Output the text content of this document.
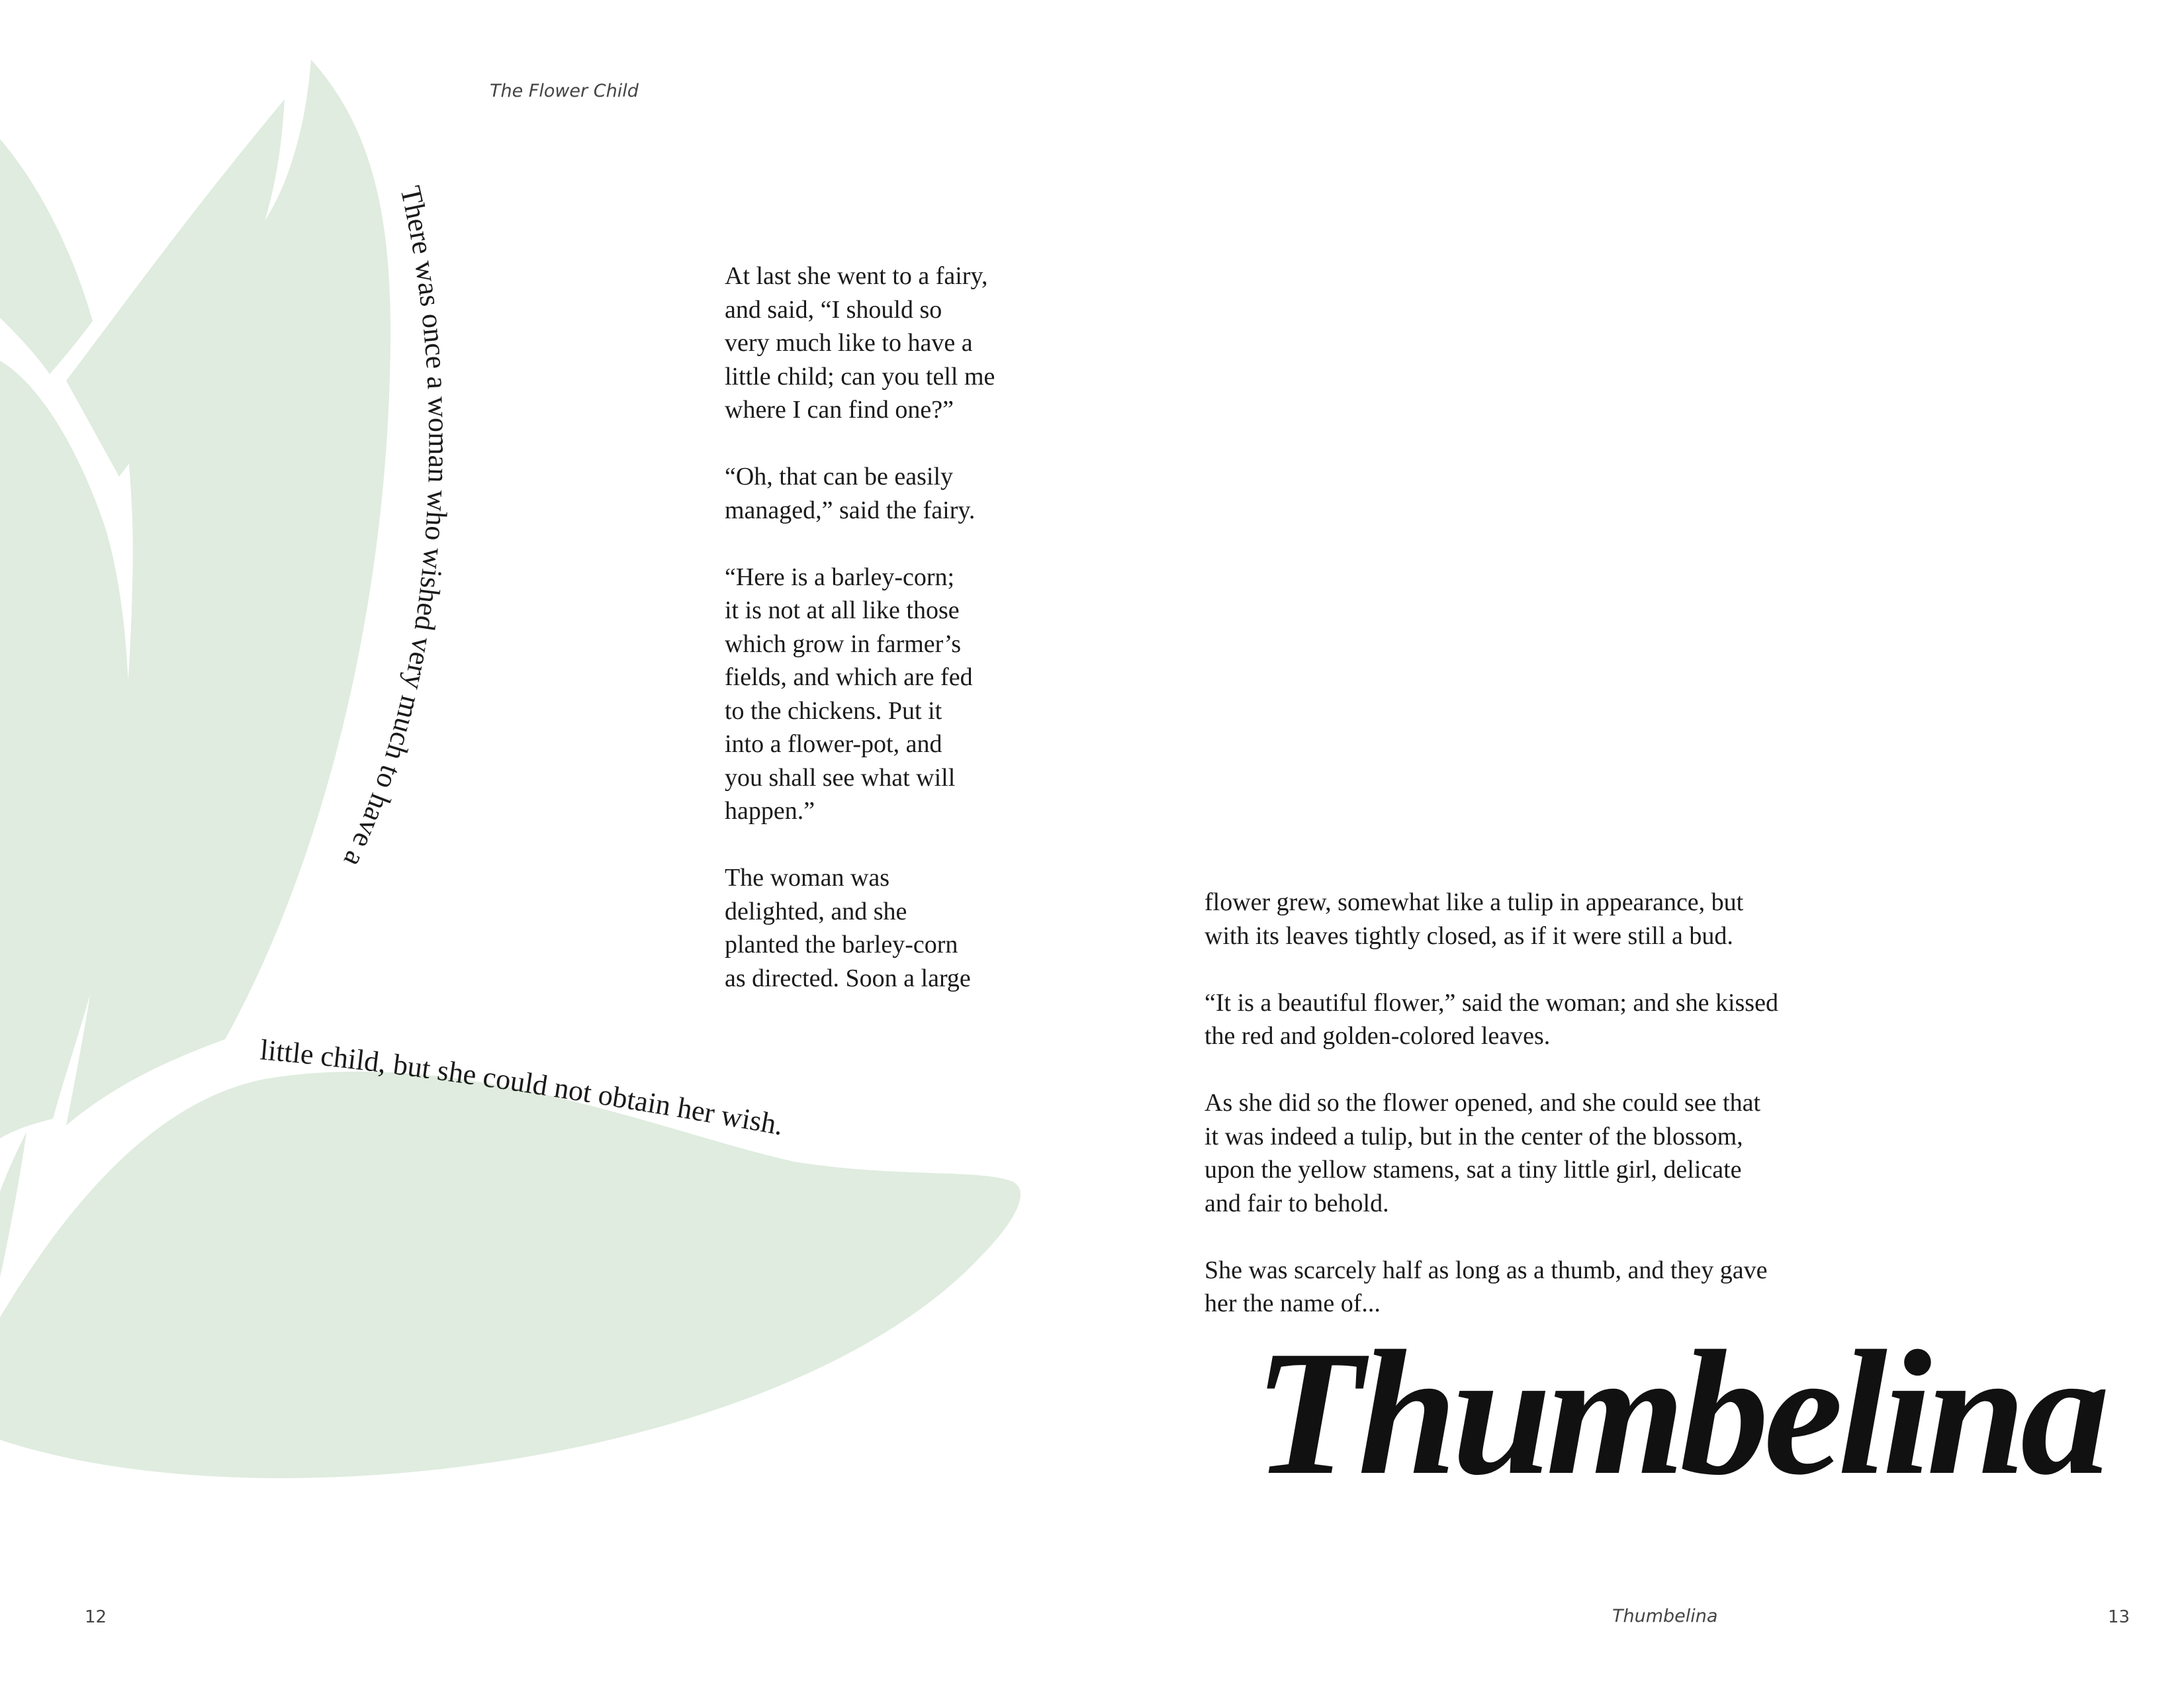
There was once a woman who wished very much to have a
little child, but she could not obtain her wish.
The Flower Child

At last she went to a fairy,
and said, “I should so
very much like to have a
little child; can you tell me
where I can find one?”

“Oh, that can be easily
managed,” said the fairy.

“Here is a barley-corn;
it is not at all like those
which grow in farmer’s
fields, and which are fed
to the chickens. Put it
into a flower-pot, and
you shall see what will
happen.”

The woman was
delighted, and she
planted the barley-corn
as directed. Soon a large

flower grew, somewhat like a tulip in appearance, but
with its leaves tightly closed, as if it were still a bud.

“It is a beautiful flower,” said the woman; and she kissed
the red and golden-colored leaves.

As she did so the flower opened, and she could see that
it was indeed a tulip, but in the center of the blossom,
upon the yellow stamens, sat a tiny little girl, delicate
and fair to behold.

She was scarcely half as long as a thumb, and they gave
her the name of...

Thumbelina
12	Thumbelina	13
